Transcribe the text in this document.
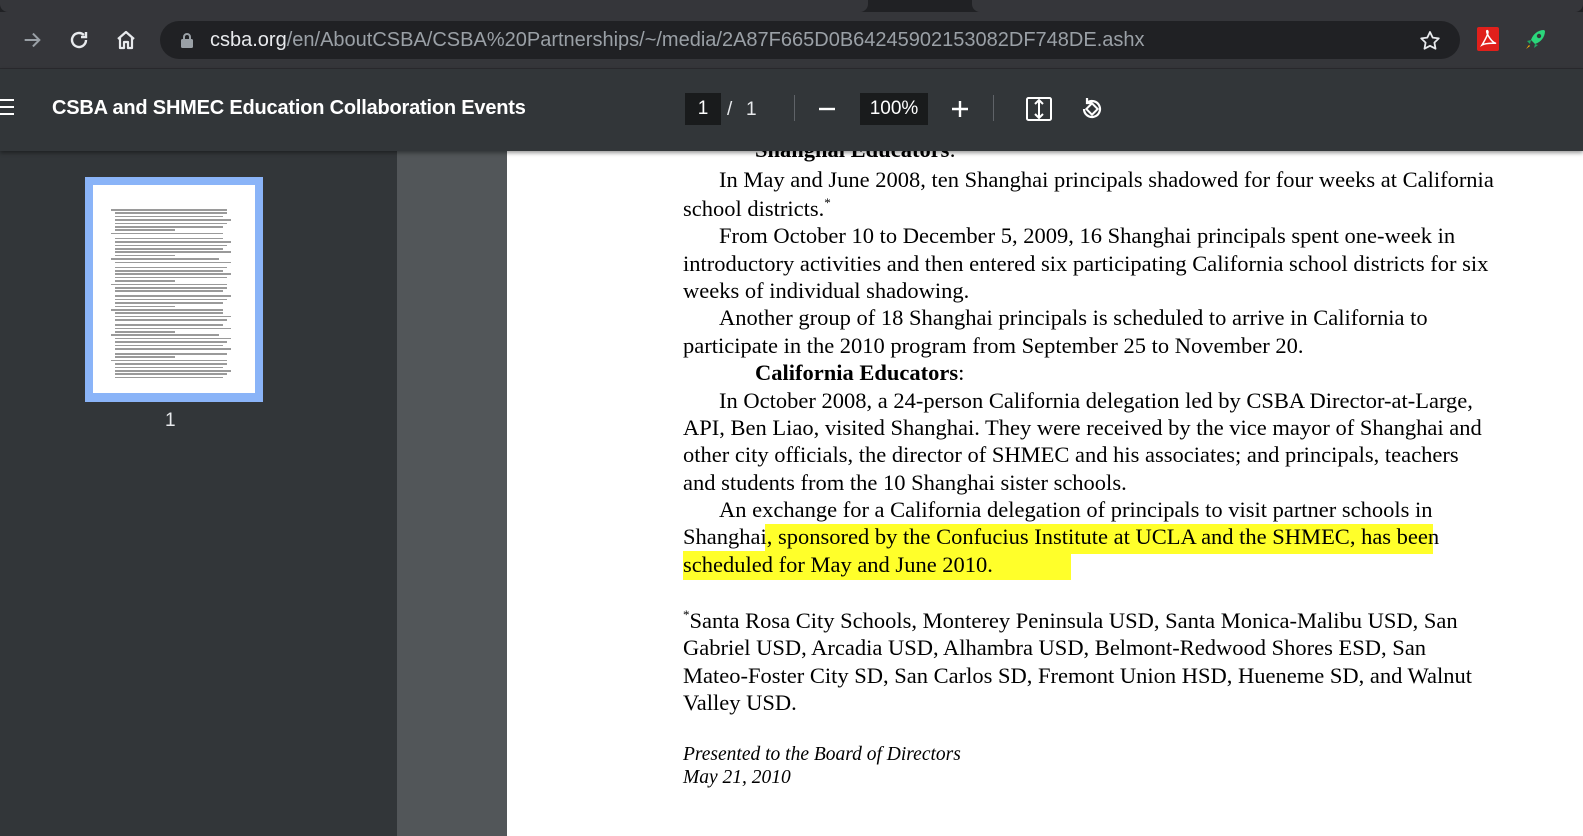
csba.org/en/AboutCSBA/CSBA%20Partnerships/~/media/2A87F665D0B64245902153082DF748DE.ashx
CSBA and SHMEC Education Collaboration Events	1 / 1	100%
1
In May and June 2008, ten Shanghai principals shadowed for four weeks at California
school districts.*
From October 10 to December 5, 2009, 16 Shanghai principals spent one-week in
introductory activities and then entered six participating California school districts for six
weeks of individual shadowing.
Another group of 18 Shanghai principals is scheduled to arrive in California to
participate in the 2010 program from September 25 to November 20.
California Educators:
In October 2008, a 24-person California delegation led by CSBA Director-at-Large,
API, Ben Liao, visited Shanghai. They were received by the vice mayor of Shanghai and
other city officials, the director of SHMEC and his associates; and principals, teachers
and students from the 10 Shanghai sister schools.
An exchange for a California delegation of principals to visit partner schools in
Shanghai, sponsored by the Confucius Institute at UCLA and the SHMEC, has been
scheduled for May and June 2010.
*Santa Rosa City Schools, Monterey Peninsula USD, Santa Monica-Malibu USD, San
Gabriel USD, Arcadia USD, Alhambra USD, Belmont-Redwood Shores ESD, San
Mateo-Foster City SD, San Carlos SD, Fremont Union HSD, Hueneme SD, and Walnut
Valley USD.
Presented to the Board of Directors
May 21, 2010
